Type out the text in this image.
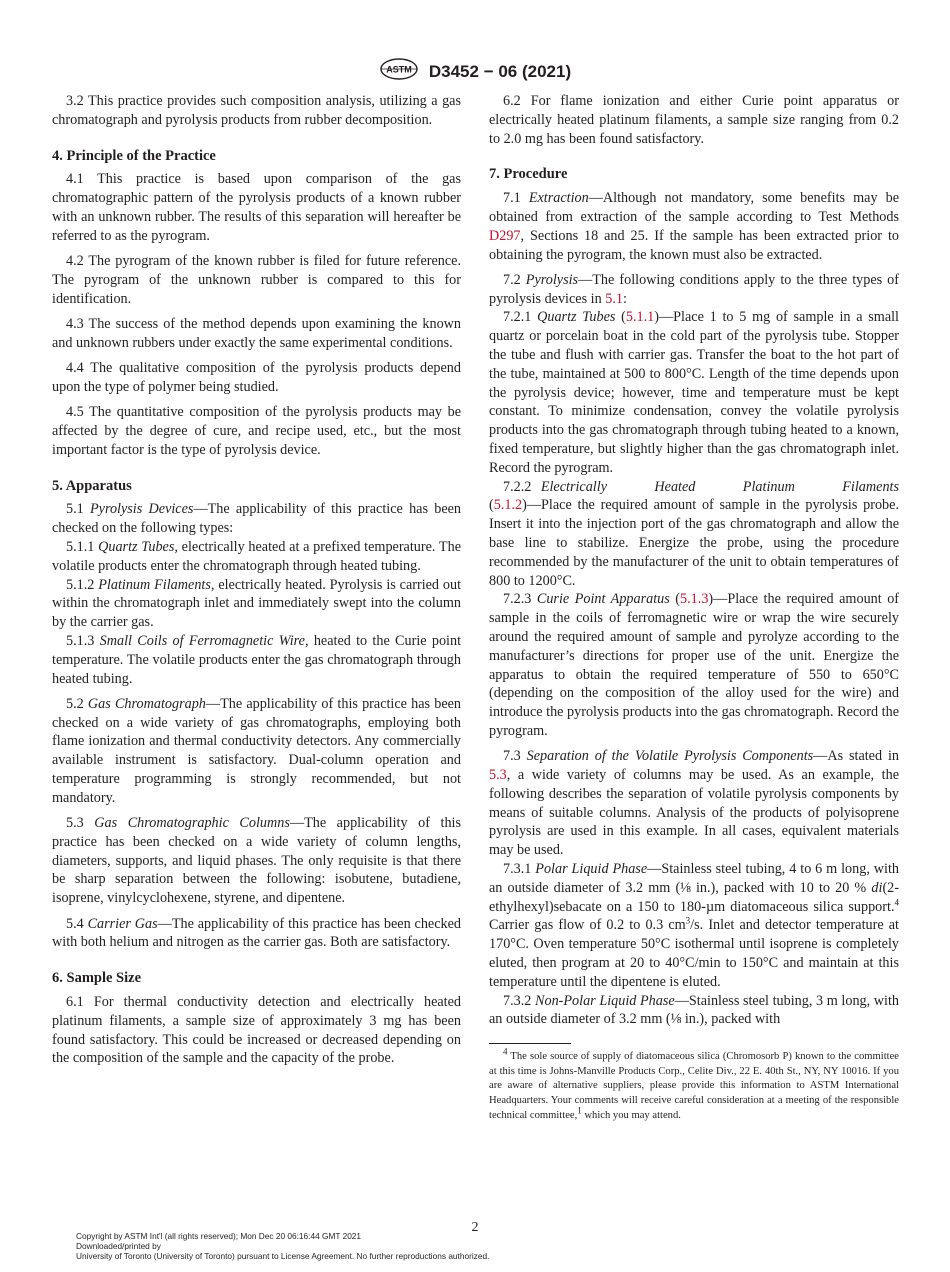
ASTM D3452 − 06 (2021)

3.2 This practice provides such composition analysis, utilizing a gas chromatograph and pyrolysis products from rubber decomposition.

4. Principle of the Practice

4.1 This practice is based upon comparison of the gas chromatographic pattern of the pyrolysis products of a known rubber with an unknown rubber. The results of this separation will hereafter be referred to as the pyrogram.

4.2 The pyrogram of the known rubber is filed for future reference. The pyrogram of the unknown rubber is compared to this for identification.

4.3 The success of the method depends upon examining the known and unknown rubbers under exactly the same experimental conditions.

4.4 The qualitative composition of the pyrolysis products depend upon the type of polymer being studied.

4.5 The quantitative composition of the pyrolysis products may be affected by the degree of cure, and recipe used, etc., but the most important factor is the type of pyrolysis device.

5. Apparatus

5.1 Pyrolysis Devices—The applicability of this practice has been checked on the following types:

5.1.1 Quartz Tubes, electrically heated at a prefixed temperature. The volatile products enter the chromatograph through heated tubing.

5.1.2 Platinum Filaments, electrically heated. Pyrolysis is carried out within the chromatograph inlet and immediately swept into the column by the carrier gas.

5.1.3 Small Coils of Ferromagnetic Wire, heated to the Curie point temperature. The volatile products enter the gas chromatograph through heated tubing.

5.2 Gas Chromatograph—The applicability of this practice has been checked on a wide variety of gas chromatographs, employing both flame ionization and thermal conductivity detectors. Any commercially available instrument is satisfactory. Dual-column operation and temperature programming is strongly recommended, but not mandatory.

5.3 Gas Chromatographic Columns—The applicability of this practice has been checked on a wide variety of column lengths, diameters, supports, and liquid phases. The only requisite is that there be sharp separation between the following: isobutene, butadiene, isoprene, vinylcyclohexene, styrene, and dipentene.

5.4 Carrier Gas—The applicability of this practice has been checked with both helium and nitrogen as the carrier gas. Both are satisfactory.

6. Sample Size

6.1 For thermal conductivity detection and electrically heated platinum filaments, a sample size of approximately 3 mg has been found satisfactory. This could be increased or decreased depending on the composition of the sample and the capacity of the probe.

6.2 For flame ionization and either Curie point apparatus or electrically heated platinum filaments, a sample size ranging from 0.2 to 2.0 mg has been found satisfactory.

7. Procedure

7.1 Extraction—Although not mandatory, some benefits may be obtained from extraction of the sample according to Test Methods D297, Sections 18 and 25. If the sample has been extracted prior to obtaining the pyrogram, the known must also be extracted.

7.2 Pyrolysis—The following conditions apply to the three types of pyrolysis devices in 5.1:

7.2.1 Quartz Tubes (5.1.1)—Place 1 to 5 mg of sample in a small quartz or porcelain boat in the cold part of the pyrolysis tube. Stopper the tube and flush with carrier gas. Transfer the boat to the hot part of the tube, maintained at 500 to 800°C. Length of the time depends upon the pyrolysis device; however, time and temperature must be kept constant. To minimize condensation, convey the volatile pyrolysis products into the gas chromatograph through tubing heated to a known, fixed temperature, but slightly higher than the gas chromatograph inlet. Record the pyrogram.

7.2.2 Electrically Heated Platinum Filaments (5.1.2)—Place the required amount of sample in the pyrolysis probe. Insert it into the injection port of the gas chromatograph and allow the base line to stabilize. Energize the probe, using the procedure recommended by the manufacturer of the unit to obtain temperatures of 800 to 1200°C.

7.2.3 Curie Point Apparatus (5.1.3)—Place the required amount of sample in the coils of ferromagnetic wire or wrap the wire securely around the required amount of sample and pyrolyze according to the manufacturer’s directions for proper use of the unit. Energize the apparatus to obtain the required temperature of 550 to 650°C (depending on the composition of the alloy used for the wire) and introduce the pyrolysis products into the gas chromatograph. Record the pyrogram.

7.3 Separation of the Volatile Pyrolysis Components—As stated in 5.3, a wide variety of columns may be used. As an example, the following describes the separation of volatile pyrolysis components by means of suitable columns. Analysis of the products of polyisoprene pyrolysis are used in this example. In all cases, equivalent materials may be used.

7.3.1 Polar Liquid Phase—Stainless steel tubing, 4 to 6 m long, with an outside diameter of 3.2 mm (⅛ in.), packed with 10 to 20 % di(2-ethylhexyl)sebacate on a 150 to 180-µm diatomaceous silica support.$^4$ Carrier gas flow of 0.2 to 0.3 $cm^3/s$. Inlet and detector temperature at 170°C. Oven temperature 50°C isothermal until isoprene is completely eluted, then program at 20 to 40°C/min to 150°C and maintain at this temperature until the dipentene is eluted.

7.3.2 Non-Polar Liquid Phase—Stainless steel tubing, 3 m long, with an outside diameter of 3.2 mm (⅛ in.), packed with

$^4$ The sole source of supply of diatomaceous silica (Chromosorb P) known to the committee at this time is Johns-Manville Products Corp., Celite Div., 22 E. 40th St., NY, NY 10016. If you are aware of alternative suppliers, please provide this information to ASTM International Headquarters. Your comments will receive careful consideration at a meeting of the responsible technical committee,$^1$ which you may attend.

2
Copyright by ASTM Int'l (all rights reserved); Mon Dec 20 06:16:44 GMT 2021
Downloaded/printed by
University of Toronto (University of Toronto) pursuant to License Agreement. No further reproductions authorized.
